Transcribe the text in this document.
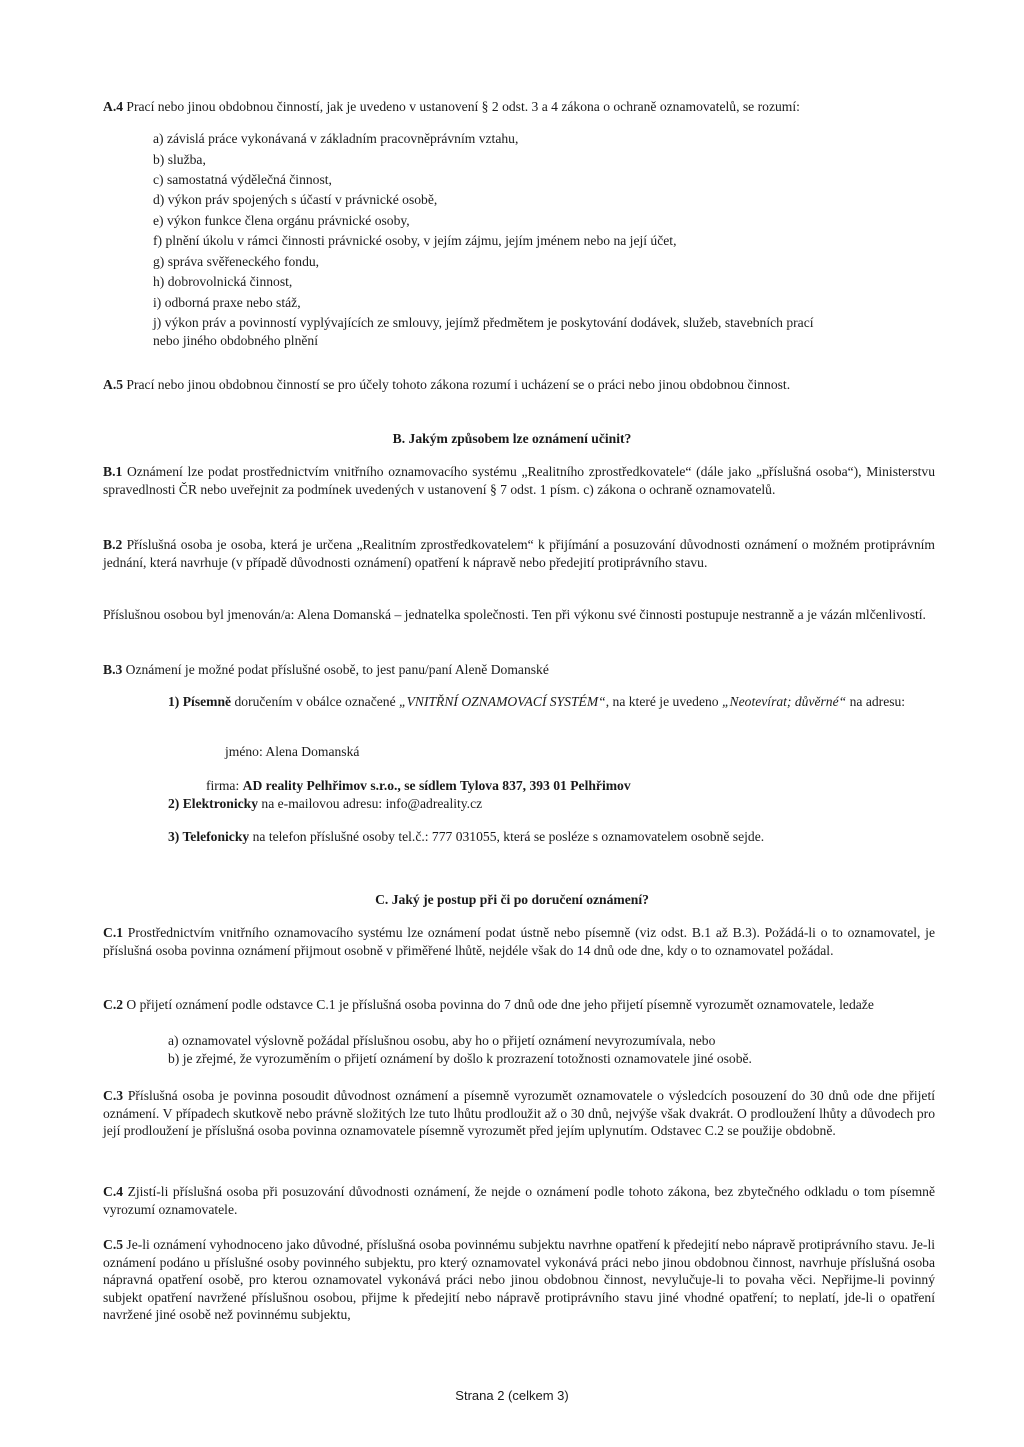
A.4 Prací nebo jinou obdobnou činností, jak je uvedeno v ustanovení § 2 odst. 3 a 4 zákona o ochraně oznamovatelů, se rozumí:

a) závislá práce vykonávaná v základním pracovněprávním vztahu,

b) služba,

c) samostatná výdělečná činnost,

d) výkon práv spojených s účastí v právnické osobě,

e) výkon funkce člena orgánu právnické osoby,

f) plnění úkolu v rámci činnosti právnické osoby, v jejím zájmu, jejím jménem nebo na její účet,

g) správa svěřeneckého fondu,

h) dobrovolnická činnost,

i) odborná praxe nebo stáž,

j) výkon práv a povinností vyplývajících ze smlouvy, jejímž předmětem je poskytování dodávek, služeb, stavebních prací

nebo jiného obdobného plnění

A.5 Prací nebo jinou obdobnou činností se pro účely tohoto zákona rozumí i ucházení se o práci nebo jinou obdobnou činnost.

B. Jakým způsobem lze oznámení učinit?

B.1 Oznámení lze podat prostřednictvím vnitřního oznamovacího systému „Realitního zprostředkovatele“ (dále jako „příslušná osoba“), Ministerstvu spravedlnosti ČR nebo uveřejnit za podmínek uvedených v ustanovení § 7 odst. 1 písm. c) zákona o ochraně oznamovatelů.

B.2 Příslušná osoba je osoba, která je určena „Realitním zprostředkovatelem“ k přijímání a posuzování důvodnosti oznámení o možném protiprávním jednání, která navrhuje (v případě důvodnosti oznámení) opatření k nápravě nebo předejití protiprávního stavu.

Příslušnou osobou byl jmenován/a: Alena Domanská – jednatelka společnosti. Ten při výkonu své činnosti postupuje nestranně a je vázán mlčenlivostí.

B.3 Oznámení je možné podat příslušné osobě, to jest panu/paní Aleně Domanské

1) Písemně doručením v obálce označené „VNITŘNÍ OZNAMOVACÍ SYSTÉM“, na které je uvedeno „Neotevírat; důvěrné“ na adresu:

jméno: Alena Domanská

firma: AD reality Pelhřimov s.r.o., se sídlem Tylova 837, 393 01 Pelhřimov

2) Elektronicky na e-mailovou adresu: info@adreality.cz

3) Telefonicky na telefon příslušné osoby tel.č.: 777 031055, která se posléze s oznamovatelem osobně sejde.

C. Jaký je postup při či po doručení oznámení?

C.1 Prostřednictvím vnitřního oznamovacího systému lze oznámení podat ústně nebo písemně (viz odst. B.1 až B.3). Požádá-li o to oznamovatel, je příslušná osoba povinna oznámení přijmout osobně v přiměřené lhůtě, nejdéle však do 14 dnů ode dne, kdy o to oznamovatel požádal.

C.2 O přijetí oznámení podle odstavce C.1 je příslušná osoba povinna do 7 dnů ode dne jeho přijetí písemně vyrozumět oznamovatele, ledaže

a) oznamovatel výslovně požádal příslušnou osobu, aby ho o přijetí oznámení nevyrozumívala, nebo

b) je zřejmé, že vyrozuměním o přijetí oznámení by došlo k prozrazení totožnosti oznamovatele jiné osobě.

C.3 Příslušná osoba je povinna posoudit důvodnost oznámení a písemně vyrozumět oznamovatele o výsledcích posouzení do 30 dnů ode dne přijetí oznámení. V případech skutkově nebo právně složitých lze tuto lhůtu prodloužit až o 30 dnů, nejvýše však dvakrát. O prodloužení lhůty a důvodech pro její prodloužení je příslušná osoba povinna oznamovatele písemně vyrozumět před jejím uplynutím. Odstavec C.2 se použije obdobně.

C.4 Zjistí-li příslušná osoba při posuzování důvodnosti oznámení, že nejde o oznámení podle tohoto zákona, bez zbytečného odkladu o tom písemně vyrozumí oznamovatele.

C.5 Je-li oznámení vyhodnoceno jako důvodné, příslušná osoba povinnému subjektu navrhne opatření k předejití nebo nápravě protiprávního stavu. Je-li oznámení podáno u příslušné osoby povinného subjektu, pro který oznamovatel vykonává práci nebo jinou obdobnou činnost, navrhuje příslušná osoba nápravná opatření osobě, pro kterou oznamovatel vykonává práci nebo jinou obdobnou činnost, nevylučuje-li to povaha věci. Nepřijme-li povinný subjekt opatření navržené příslušnou osobou, přijme k předejití nebo nápravě protiprávního stavu jiné vhodné opatření; to neplatí, jde-li o opatření navržené jiné osobě než povinnému subjektu,

Strana 2 (celkem 3)
